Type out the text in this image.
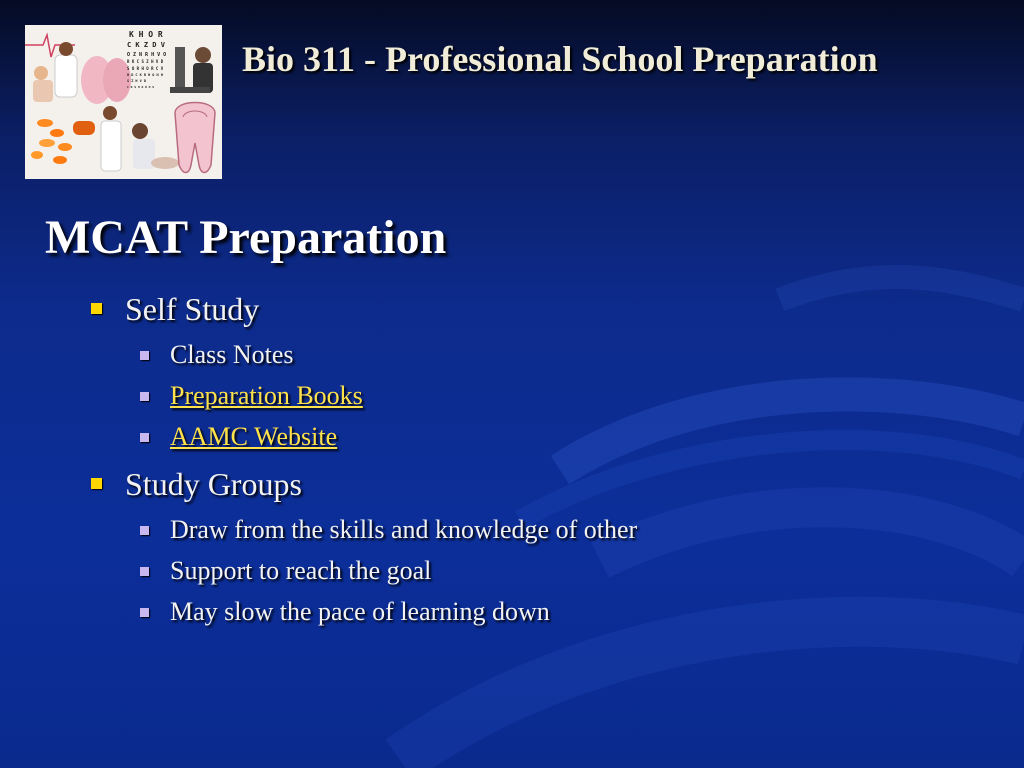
K H O R
C K Z D V
O Z N R H V O
R K C S Z H V D
S O R H O R C V
H D C K R H O N H
S Z H V D
C R S H O H H S
Bio 311 - Professional School Preparation
MCAT Preparation
Self Study
Class Notes
Preparation Books
AAMC Website
Study Groups
Draw from the skills and knowledge of other
Support to reach the goal
May slow the pace of learning down
